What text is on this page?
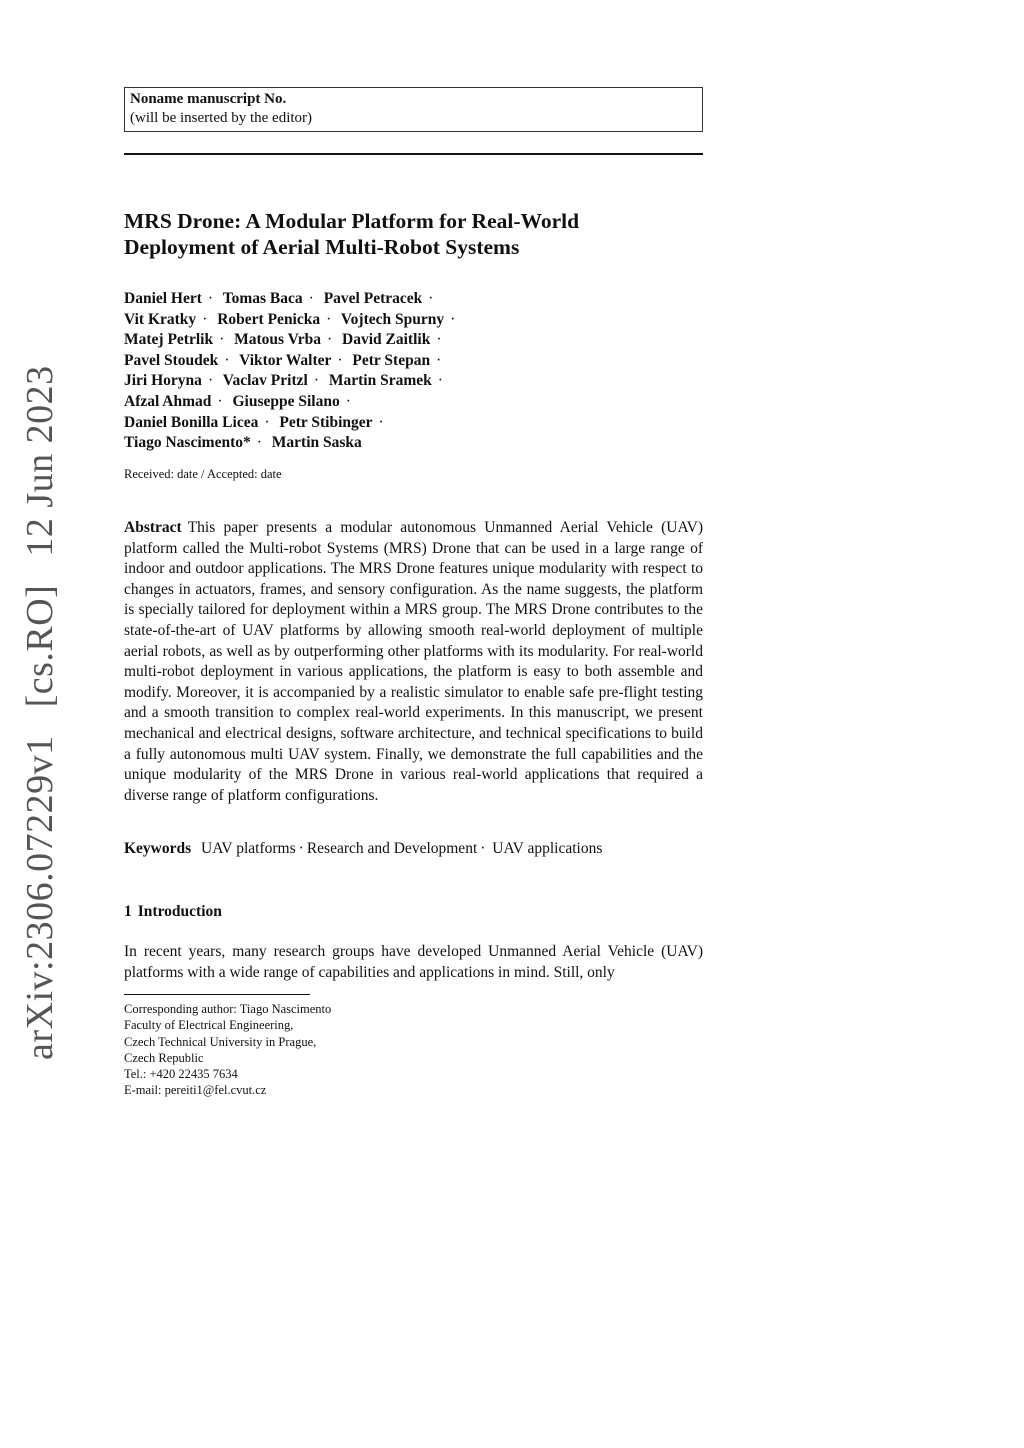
arXiv:2306.07229v1 [cs.RO] 12 Jun 2023
Noname manuscript No.
(will be inserted by the editor)
MRS Drone: A Modular Platform for Real-World
Deployment of Aerial Multi-Robot Systems
Daniel Hert · Tomas Baca · Pavel Petracek · Vit Kratky · Robert Penicka · Vojtech Spurny · Matej Petrlik · Matous Vrba · David Zaitlik · Pavel Stoudek · Viktor Walter · Petr Stepan · Jiri Horyna · Vaclav Pritzl · Martin Sramek · Afzal Ahmad · Giuseppe Silano · Daniel Bonilla Licea · Petr Stibinger · Tiago Nascimento* · Martin Saska
Received: date / Accepted: date
Abstract This paper presents a modular autonomous Unmanned Aerial Vehicle (UAV) platform called the Multi-robot Systems (MRS) Drone that can be used in a large range of indoor and outdoor applications. The MRS Drone features unique modularity with respect to changes in actuators, frames, and sensory configuration. As the name suggests, the platform is specially tailored for deployment within a MRS group. The MRS Drone contributes to the state-of-the-art of UAV platforms by allowing smooth real-world deployment of multiple aerial robots, as well as by outperforming other platforms with its modularity. For real-world multi-robot deployment in various applications, the platform is easy to both assemble and modify. Moreover, it is accompanied by a realistic simulator to enable safe pre-flight testing and a smooth transition to complex real-world experiments. In this manuscript, we present mechanical and electrical designs, software architecture, and technical specifications to build a fully autonomous multi UAV system. Finally, we demonstrate the full capabilities and the unique modularity of the MRS Drone in various real-world applications that required a diverse range of platform configurations.
Keywords UAV platforms · Research and Development · UAV applications
1 Introduction
In recent years, many research groups have developed Unmanned Aerial Vehicle (UAV) platforms with a wide range of capabilities and applications in mind. Still, only
Corresponding author: Tiago Nascimento
Faculty of Electrical Engineering,
Czech Technical University in Prague,
Czech Republic
Tel.: +420 22435 7634
E-mail: pereiti1@fel.cvut.cz
